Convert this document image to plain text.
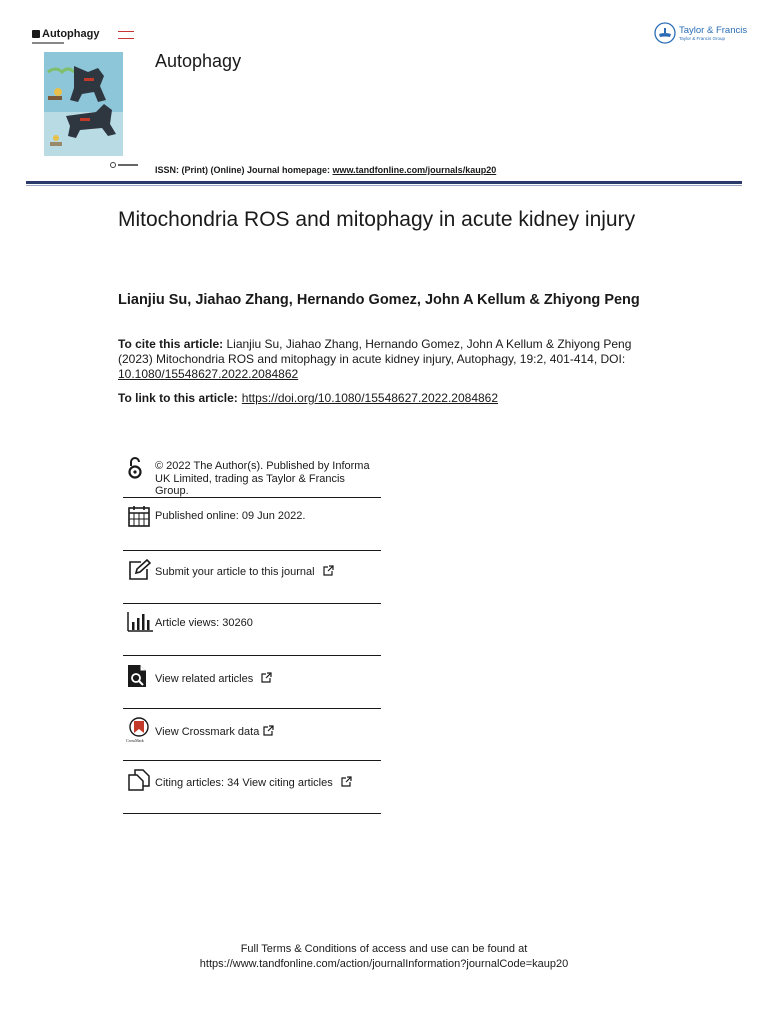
Autophagy
Autophagy
ISSN: (Print) (Online) Journal homepage: www.tandfonline.com/journals/kaup20
Taylor & Francis
Taylor & Francis Group
Mitochondria ROS and mitophagy in acute kidney injury
Lianjiu Su, Jiahao Zhang, Hernando Gomez, John A Kellum & Zhiyong Peng
To cite this article: Lianjiu Su, Jiahao Zhang, Hernando Gomez, John A Kellum & Zhiyong Peng (2023) Mitochondria ROS and mitophagy in acute kidney injury, Autophagy, 19:2, 401-414, DOI: 10.1080/15548627.2022.2084862
To link to this article: https://doi.org/10.1080/15548627.2022.2084862
© 2022 The Author(s). Published by Informa UK Limited, trading as Taylor & Francis Group.
Published online: 09 Jun 2022.
Submit your article to this journal
Article views: 30260
View related articles
CrossMark
View Crossmark data
Citing articles: 34 View citing articles
Full Terms & Conditions of access and use can be found at
https://www.tandfonline.com/action/journalInformation?journalCode=kaup20
